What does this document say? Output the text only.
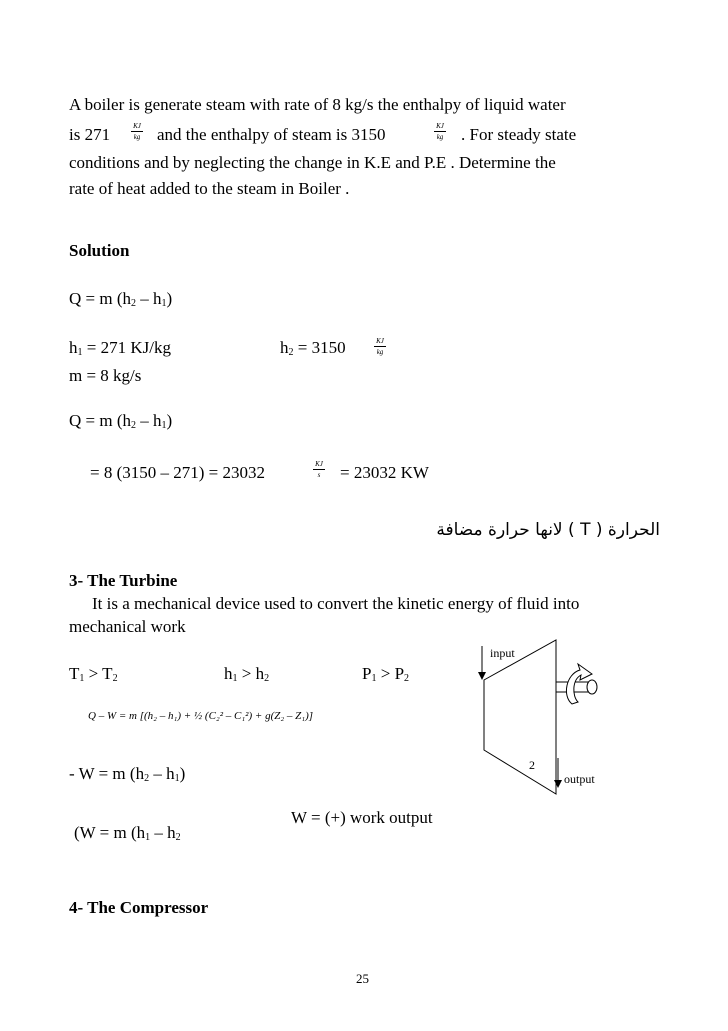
A boiler is generate steam with rate of 8 kg/s the enthalpy of liquid water
is 271	KJ
kg and the enthalpy of steam is 3150	KJ
kg . For steady state
conditions and by neglecting the change in K.E and P.E . Determine the
rate of heat added to the steam in Boiler .
Solution
Q = m $(h_2 - h_1)$
$h_1 = 271$ KJ/kg	$h_2 = 3150$	KJ
kg
m = 8 kg/s
Q = m $(h_2 - h_1)$
= 8 (3150 – 271) = 23032	KJ
s = 23032 KW
الحرارة ( T ) لانها حرارة مضافة
3- The Turbine
It is a mechanical device used to convert the kinetic energy of fluid into
mechanical work
$T_1 > T_2$	$h_1 > h_2$	$P_1 > P_2$
Q – W = m [(h₂ – h₁) + ½ (C₂² – C₁²) + g(Z₂ – Z₁)]
- W = m $(h_2 - h_1)$
W = (+) work output
(W = m ($h_1 - h_2$
input
2
output
4- The Compressor
25
